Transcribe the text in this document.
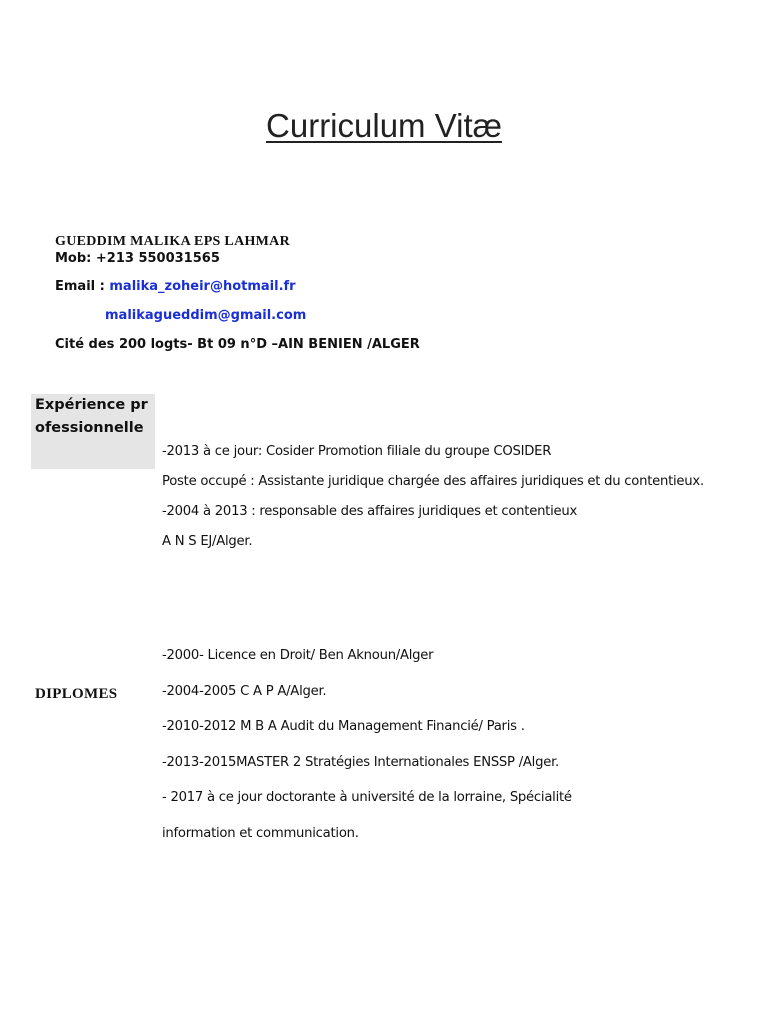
Curriculum Vitæ
GUEDDIM MALIKA EPS LAHMAR
Mob: +213 550031565
Email : malika_zoheir@hotmail.fr
malikagueddim@gmail.com
Cité des 200 logts- Bt 09 n°D –AIN BENIEN /ALGER
Expérience professionnelle
-2013 à ce jour: Cosider Promotion filiale du groupe COSIDER
Poste occupé : Assistante juridique chargée des affaires juridiques et du contentieux.
-2004 à 2013 : responsable des affaires juridiques et contentieux
A N S EJ/Alger.
DIPLOMES
-2000- Licence en Droit/ Ben Aknoun/Alger
-2004-2005 C A P A/Alger.
-2010-2012 M B A Audit du Management Financié/ Paris .
-2013-2015MASTER 2 Stratégies Internationales ENSSP /Alger.
- 2017 à ce jour doctorante à université de la lorraine, Spécialité
information et communication.
